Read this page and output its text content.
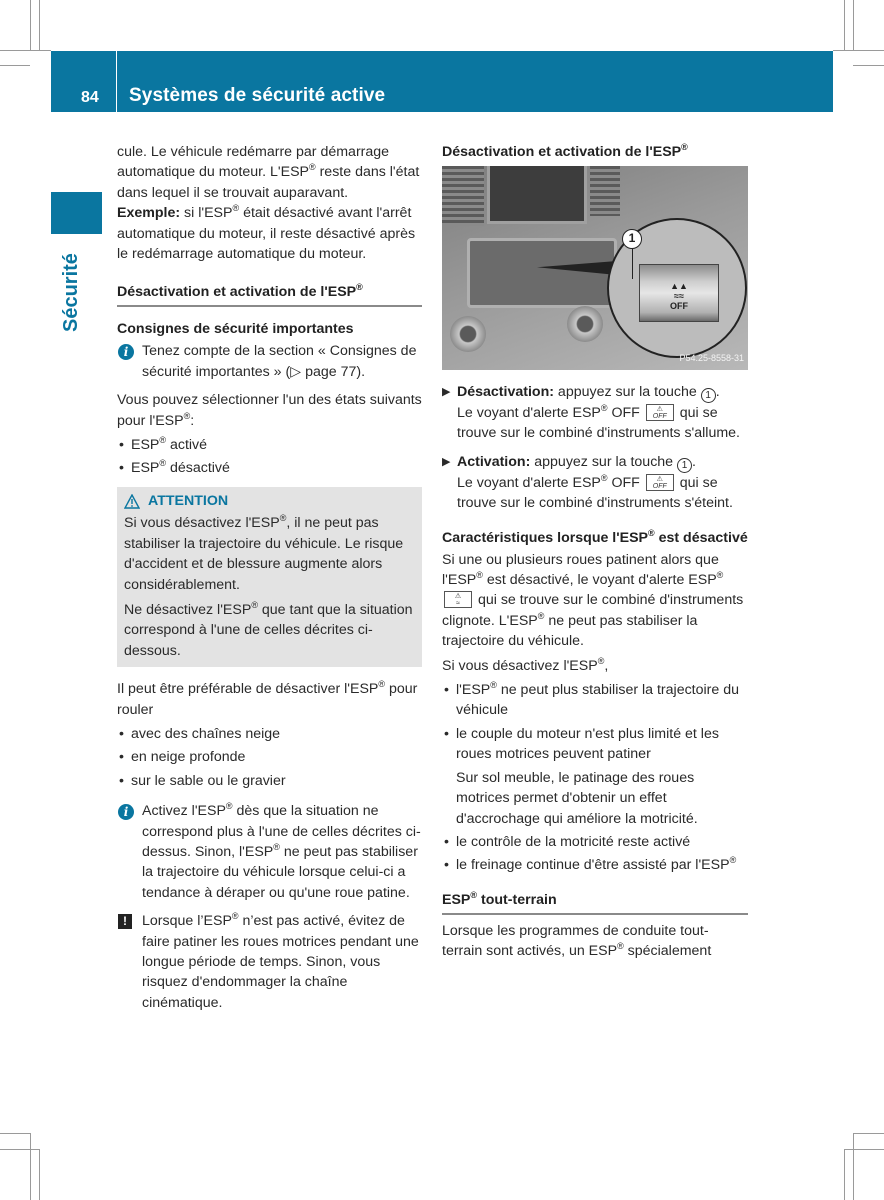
84 Systèmes de sécurité active
Sécurité

cule. Le véhicule redémarre par démarrage automatique du moteur. L'ESP® reste dans l'état dans lequel il se trouvait auparavant.
Exemple: si l'ESP® était désactivé avant l'arrêt automatique du moteur, il reste désactivé après le redémarrage automatique du moteur.

Désactivation et activation de l'ESP®
Consignes de sécurité importantes
i Tenez compte de la section « Consignes de sécurité importantes » (▷ page 77).

Vous pouvez sélectionner l'un des états suivants pour l'ESP®:

• ESP® activé
• ESP® désactivé
ATTENTION

Si vous désactivez l'ESP®, il ne peut pas stabiliser la trajectoire du véhicule. Le risque d'accident et de blessure augmente alors considérablement.

Ne désactivez l'ESP® que tant que la situation correspond à l'une de celles décrites ci-dessous.

Il peut être préférable de désactiver l'ESP® pour rouler

• avec des chaînes neige
• en neige profonde
• sur le sable ou le gravier
i Activez l'ESP® dès que la situation ne correspond plus à l'une de celles décrites ci-dessus. Sinon, l'ESP® ne peut pas stabiliser la trajectoire du véhicule lorsque celui-ci a tendance à déraper ou qu'une roue patine.
!	Lorsque l’ESP® n’est pas activé, évitez de faire patiner les roues motrices pendant une longue période de temps. Sinon, vous risquez d'endommager la chaîne cinématique.
Désactivation et activation de l'ESP®
▲▲
≈≈
OFF
1
P54.25-8558-31
▶ Désactivation: appuyez sur la touche 1 .
Le voyant d'alerte ESP® OFF	⚠
OFF qui se trouve sur le combiné d'instruments s'allume.
▶ Activation: appuyez sur la touche 1 .
Le voyant d'alerte ESP® OFF	⚠
OFF qui se trouve sur le combiné d'instruments s'éteint.
Caractéristiques lorsque l'ESP® est désactivé

Si une ou plusieurs roues patinent alors que l'ESP® est désactivé, le voyant d'alerte ESP®
⚠
≈ qui se trouve sur le combiné d'instruments clignote. L'ESP® ne peut pas stabiliser la trajectoire du véhicule.

Si vous désactivez l'ESP®,

• l'ESP® ne peut plus stabiliser la trajectoire du véhicule
• le couple du moteur n'est plus limité et les roues motrices peuvent patiner
Sur sol meuble, le patinage des roues motrices permet d'obtenir un effet d'accrochage qui améliore la motricité.
• le contrôle de la motricité reste activé
• le freinage continue d'être assisté par l'ESP®
ESP® tout-terrain

Lorsque les programmes de conduite tout-terrain sont activés, un ESP® spécialement
